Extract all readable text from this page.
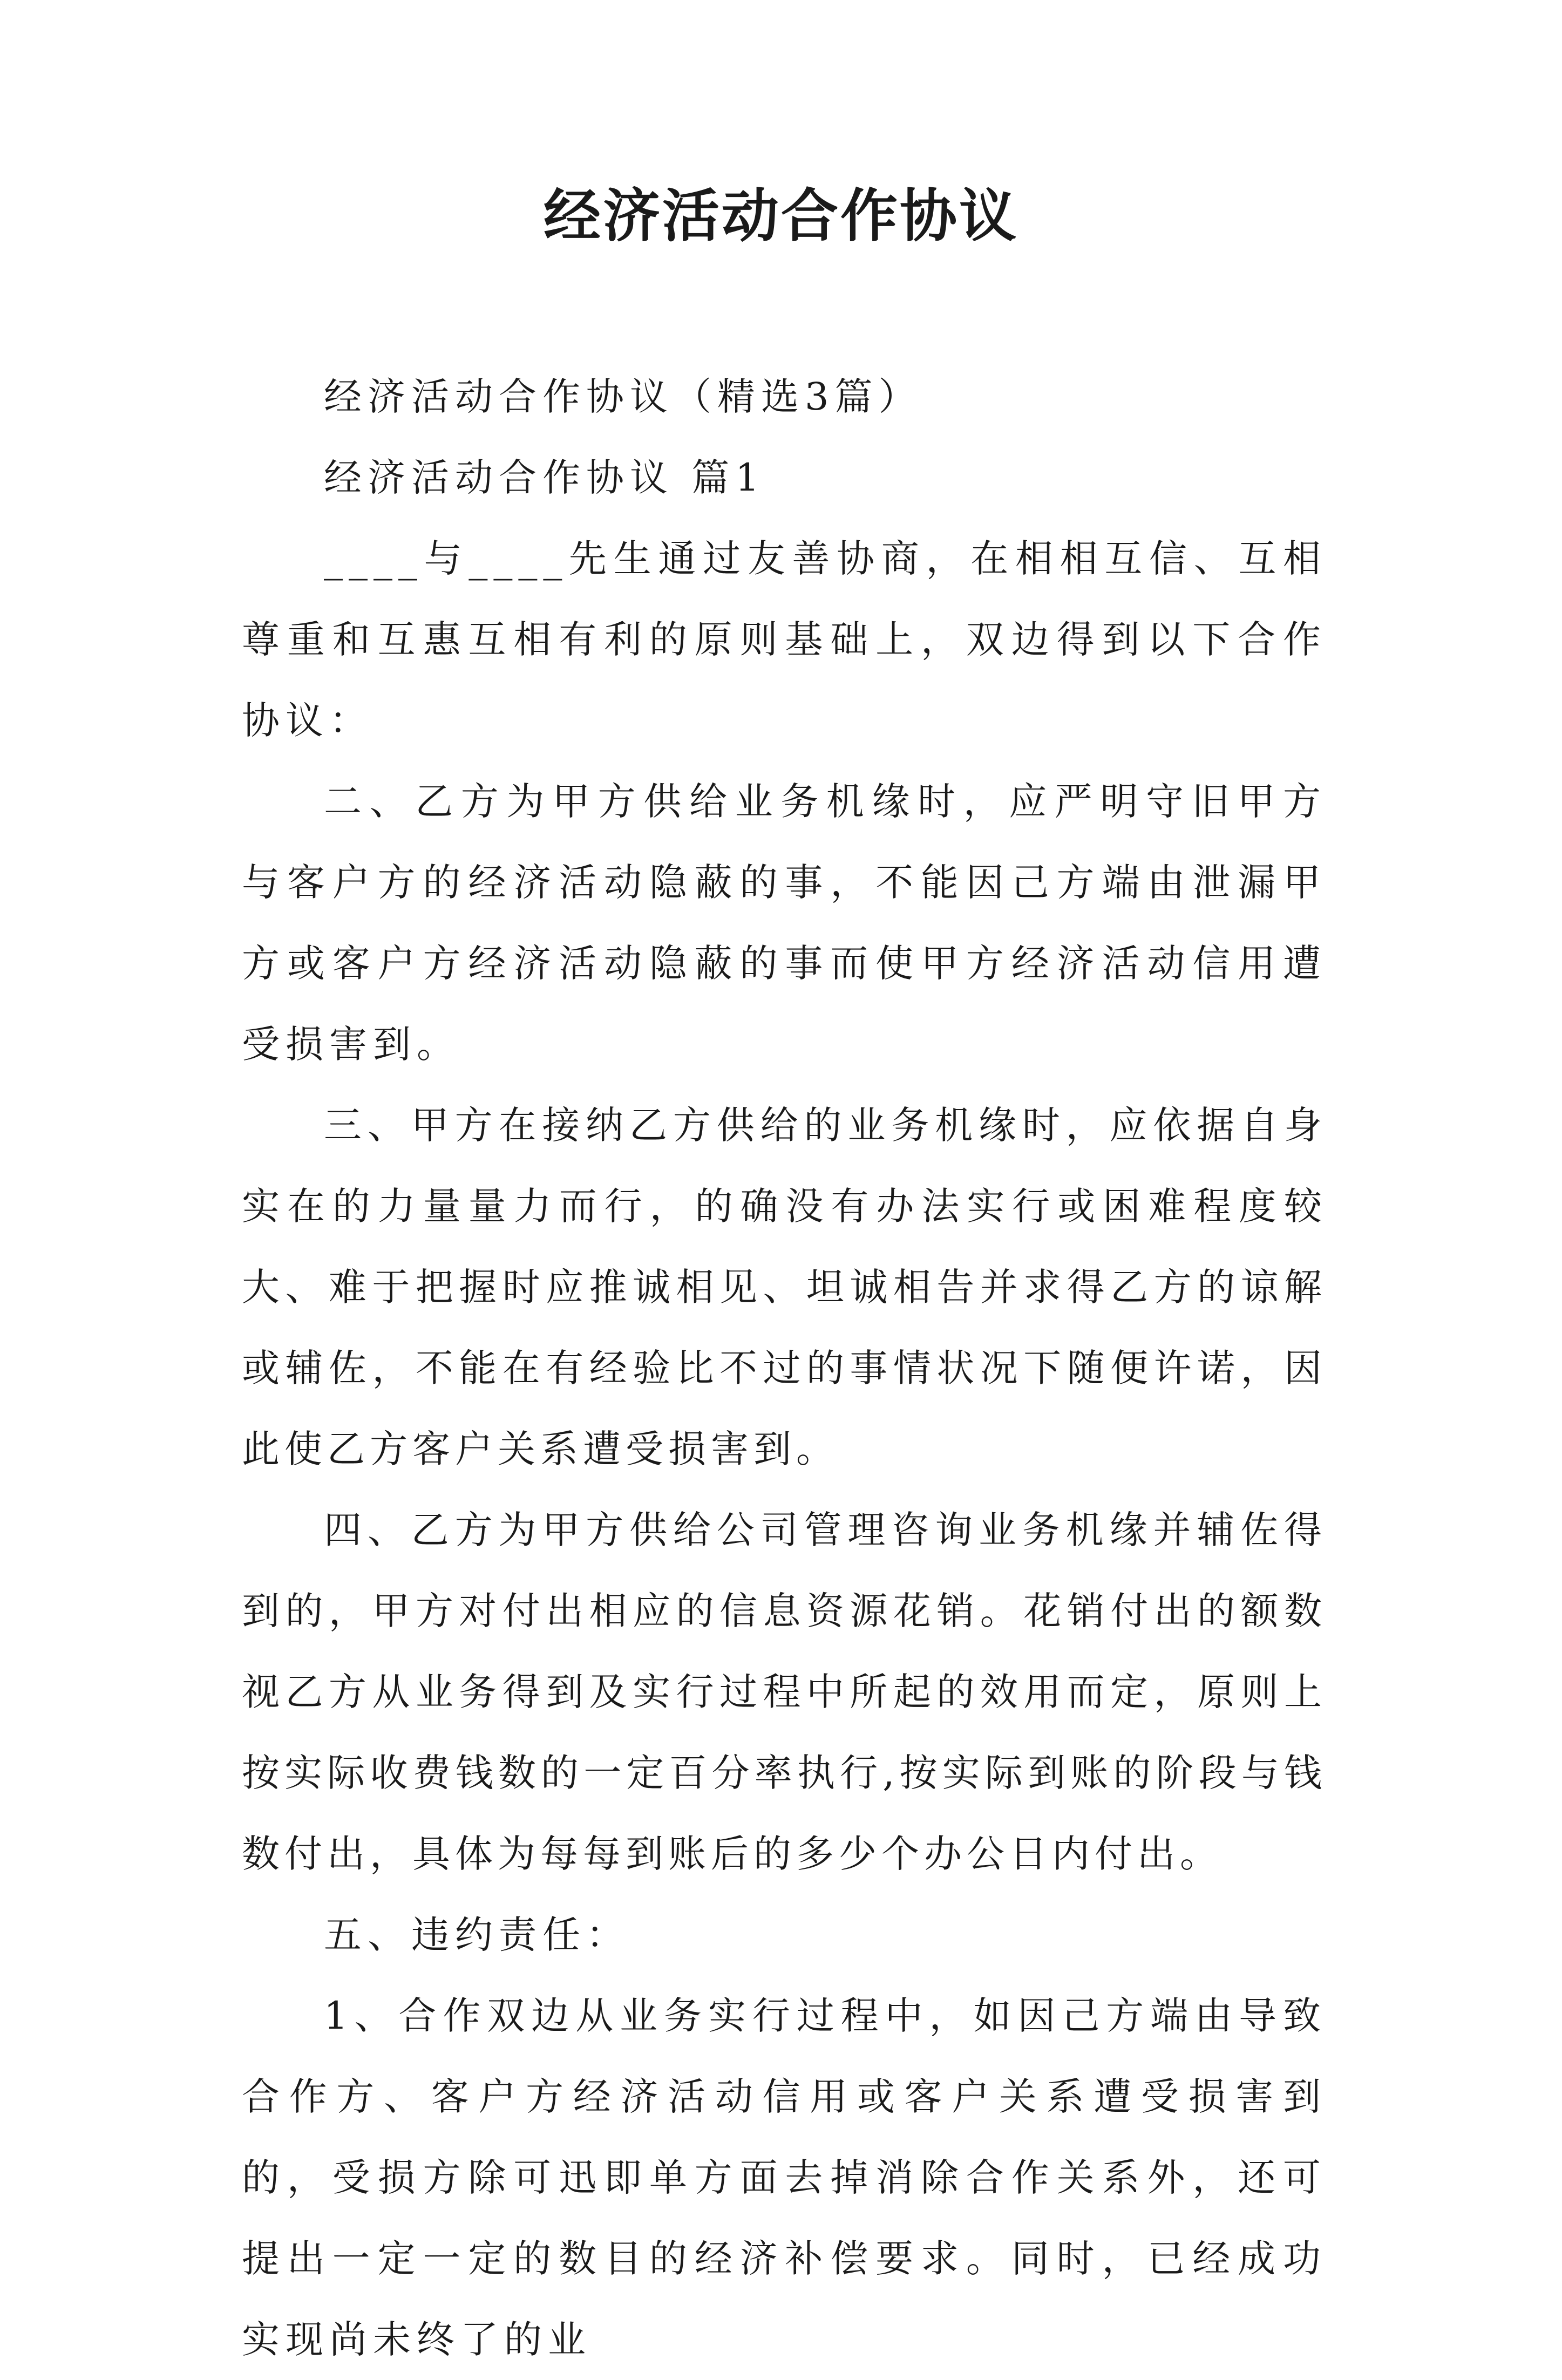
经济活动合作协议

经济活动合作协议（精选3篇）

经济活动合作协议 篇1

____与____先生通过友善协商，在相相互信、互相尊重和互惠互相有利的原则基础上，双边得到以下合作协议：

二、乙方为甲方供给业务机缘时，应严明守旧甲方与客户方的经济活动隐蔽的事，不能因己方端由泄漏甲方或客户方经济活动隐蔽的事而使甲方经济活动信用遭受损害到。

三、甲方在接纳乙方供给的业务机缘时，应依据自身实在的力量量力而行，的确没有办法实行或困难程度较大、难于把握时应推诚相见、坦诚相告并求得乙方的谅解或辅佐，不能在有经验比不过的事情状况下随便许诺，因此使乙方客户关系遭受损害到。

四、乙方为甲方供给公司管理咨询业务机缘并辅佐得到的，甲方对付出相应的信息资源花销。花销付出的额数视乙方从业务得到及实行过程中所起的效用而定，原则上按实际收费钱数的一定百分率执行,按实际到账的阶段与钱数付出，具体为每每到账后的多少个办公日内付出。

五、违约责任：

1、合作双边从业务实行过程中，如因己方端由导致合作方、客户方经济活动信用或客户关系遭受损害到的，受损方除可迅即单方面去掉消除合作关系外，还可提出一定一定的数目的经济补偿要求。同时，已经成功实现尚未终了的业
